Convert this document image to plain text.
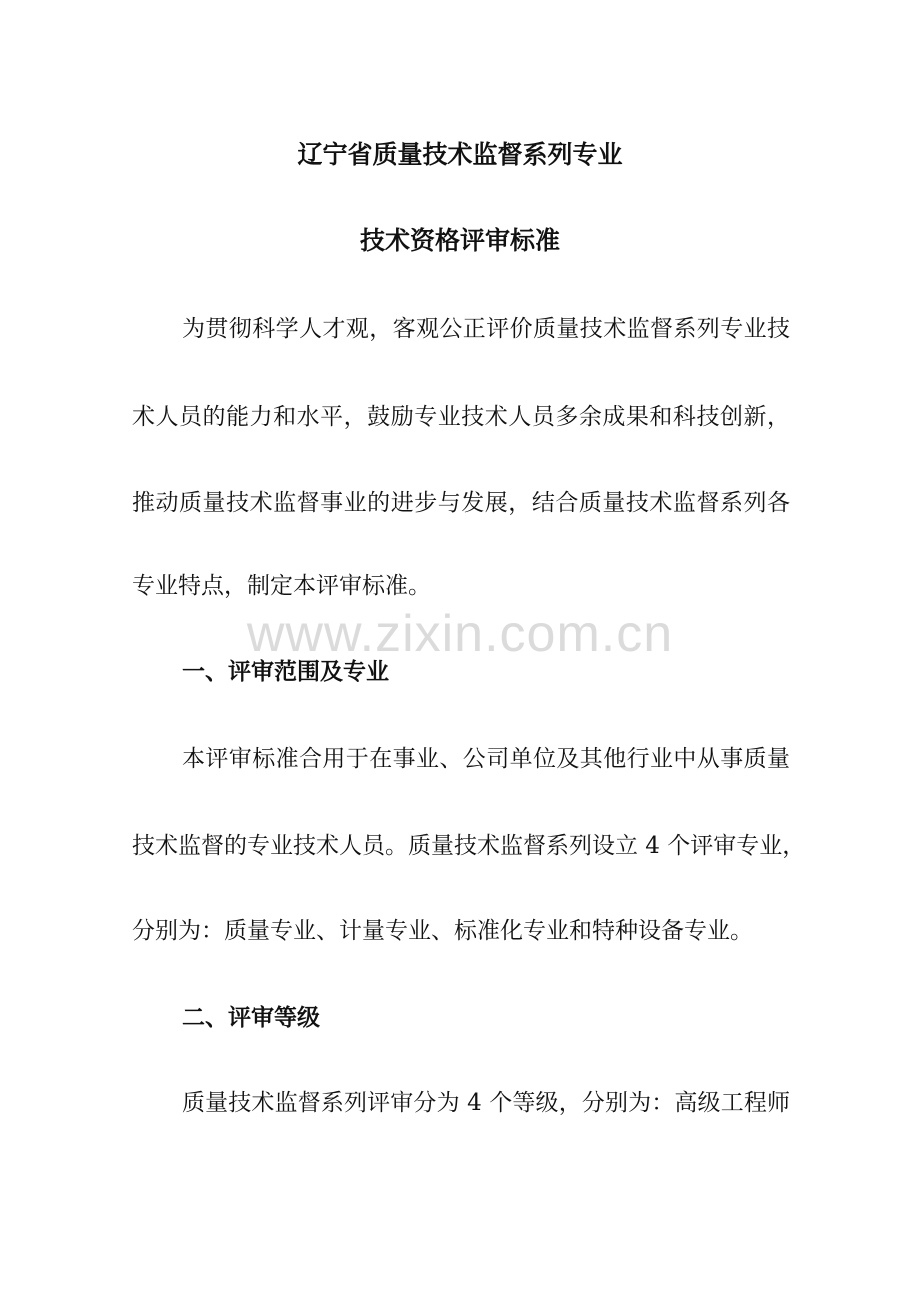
辽宁省质量技术监督系列专业
技术资格评审标准

为贯彻科学人才观，客观公正评价质量技术监督系列专业技

术人员的能力和水平，鼓励专业技术人员多余成果和科技创新，

推动质量技术监督事业的进步与发展，结合质量技术监督系列各

专业特点，制定本评审标准。

www.zixin.com.cn
一、评审范围及专业

本评审标准合用于在事业、公司单位及其他行业中从事质量

技术监督的专业技术人员。质量技术监督系列设立 4 个评审专业，

分别为：质量专业、计量专业、标准化专业和特种设备专业。

二、评审等级

质量技术监督系列评审分为 4 个等级，分别为：高级工程师
